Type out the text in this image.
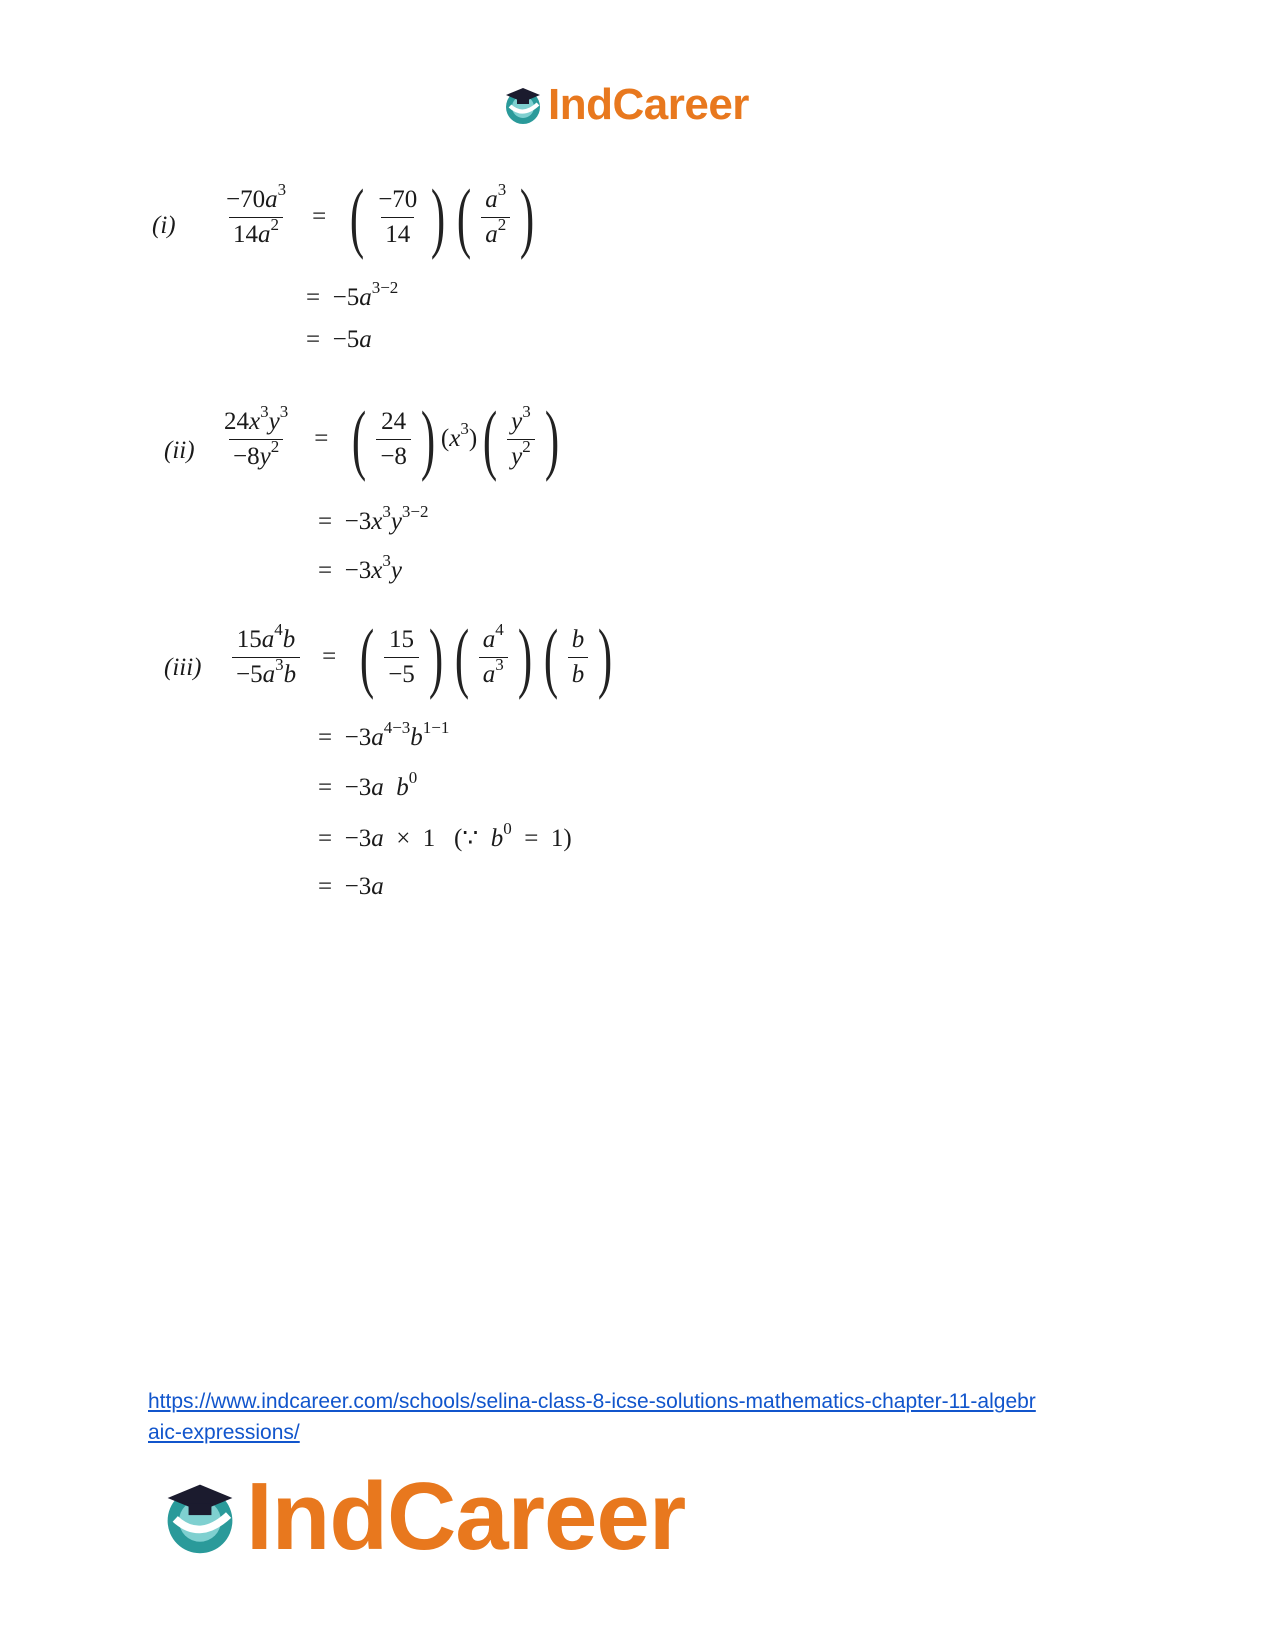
IndCareer
$(i) \frac{-70a^3}{14a^2}$ = ( $\frac{-70}{14}$ ) ( $\frac{a^3}{a^2}$ )
=  $-5a^{3-2}$
=  −5a
$(ii) \frac{24x^3y^3}{-8y^2}$ = ( $\frac{24}{-8}$ ) $(x^3)$ ( $\frac{y^3}{y^2}$ )
=  $-3x^3y^{3-2}$
=  $-3x^3y$
$(iii) \frac{15a^4b}{-5a^3b}$ = ( $\frac{15}{-5}$ ) ( $\frac{a^4}{a^3}$ ) ( $\frac{b}{b}$ )
=  $-3a^{4-3}b^{1-1}$
=  −3a $b^0$
=  −3a  ×  1   (∵  $b^0 = 1$)
=  −3a
https://www.indcareer.com/schools/selina-class-8-icse-solutions-mathematics-chapter-11-algebr
aic-expressions/
IndCareer
